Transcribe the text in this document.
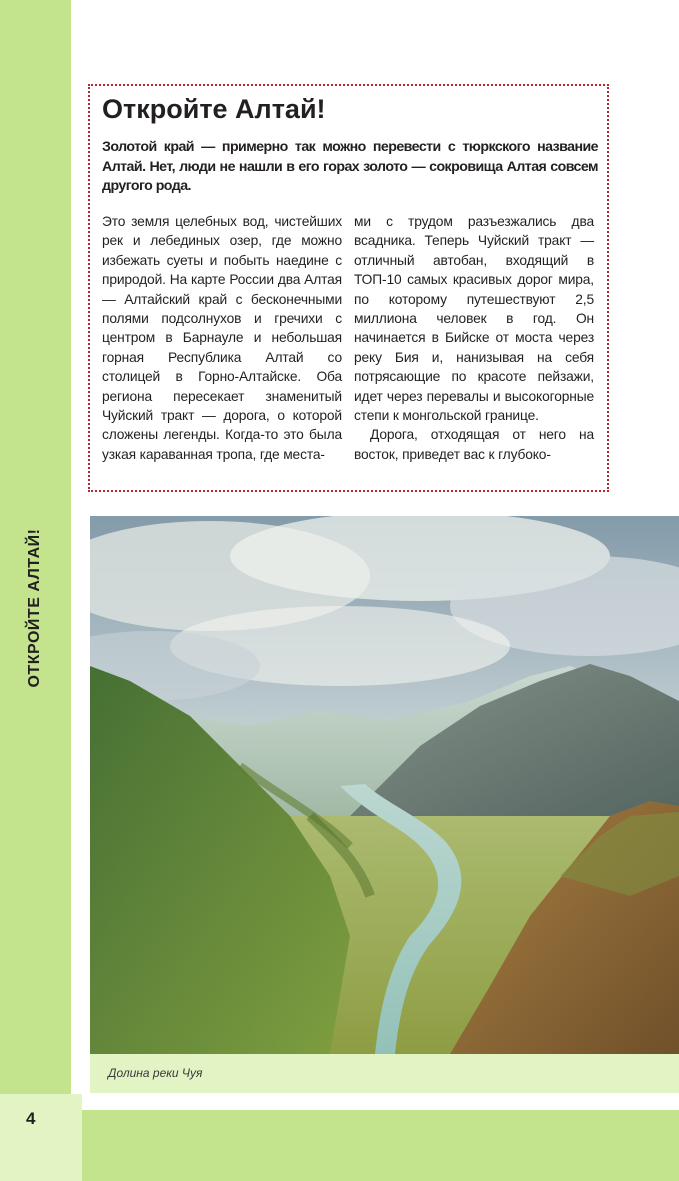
ОТКРОЙТЕ АЛТАЙ!
Откройте Алтай!

Золотой край — примерно так можно перевести с тюркского название Алтай. Нет, люди не нашли в его горах золото — сокровища Алтая совсем другого рода.

Это земля целебных вод, чистейших рек и лебединых озер, где можно избежать суеты и побыть наедине с природой. На карте России два Алтая — Алтайский край с бесконечными полями подсолнухов и гречихи с центром в Барнауле и небольшая горная Республика Алтай со столицей в Горно-Алтайске. Оба региона пересекает знаменитый Чуйский тракт — дорога, о которой сложены легенды. Когда-то это была узкая караванная тропа, где места-

ми с трудом разъезжались два всадника. Теперь Чуйский тракт — отличный автобан, входящий в ТОП-10 самых красивых дорог мира, по которому путешествуют 2,5 миллиона человек в год. Он начинается в Бийске от моста через реку Бия и, нанизывая на себя потрясающие по красоте пейзажи, идет через перевалы и высокогорные степи к монгольской границе.

Дорога, отходящая от него на восток, приведет вас к глубоко-

Долина реки Чуя
4
